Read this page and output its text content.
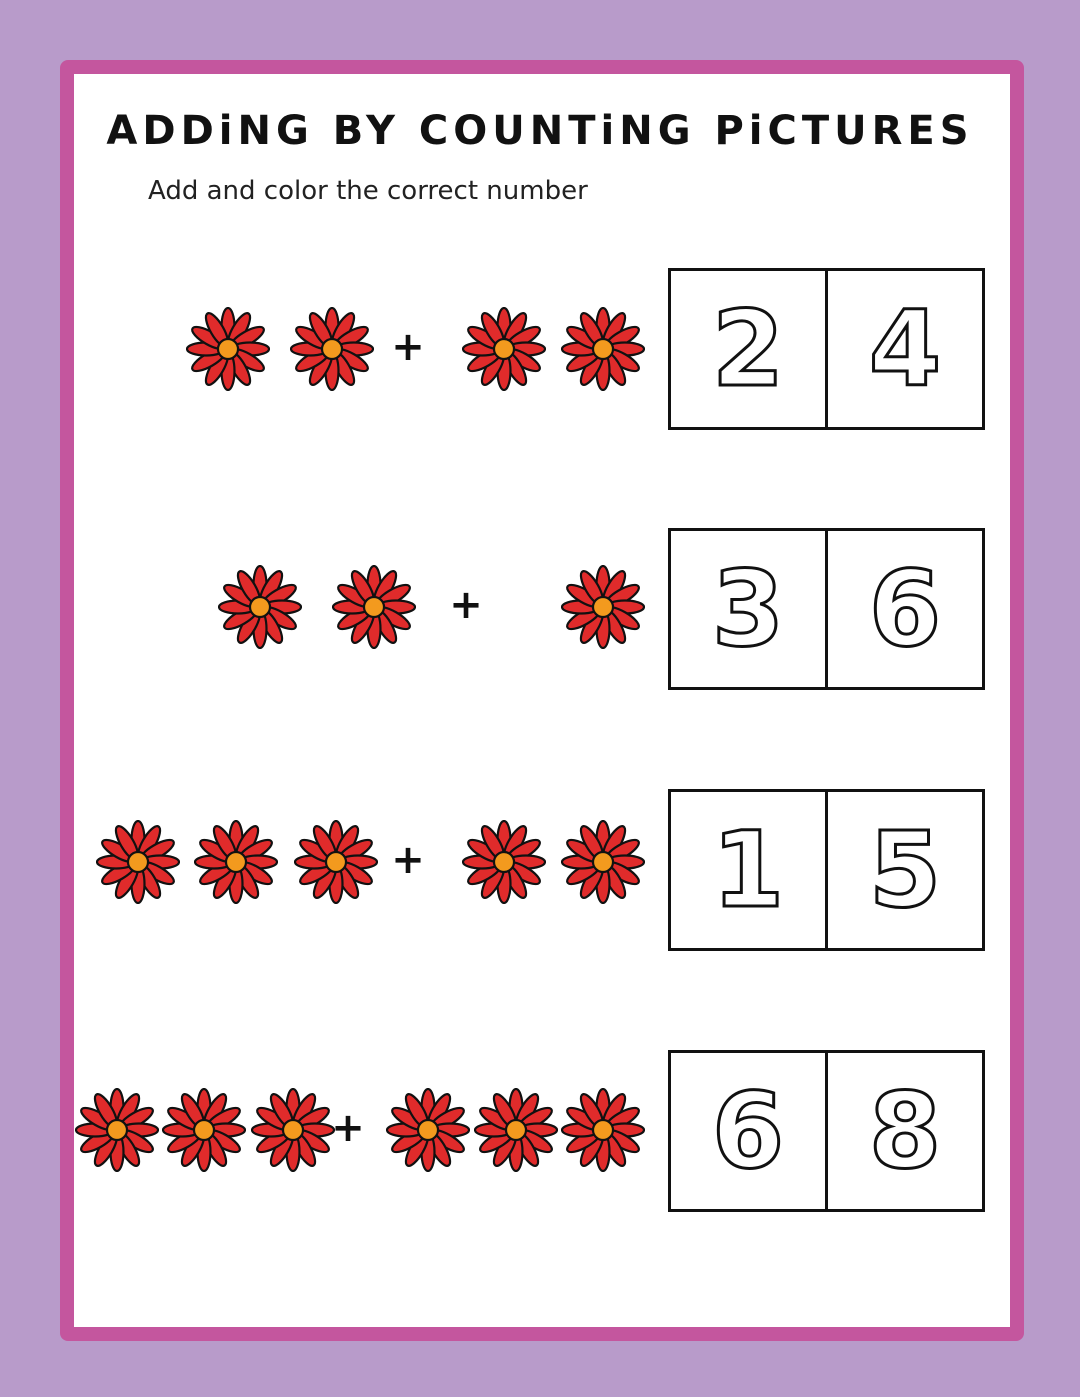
ADDiNG BY COUNTiNG PiCTURES
Add and color the correct number
+	2 4
+ 3 6
+	1 5
+	6 8
